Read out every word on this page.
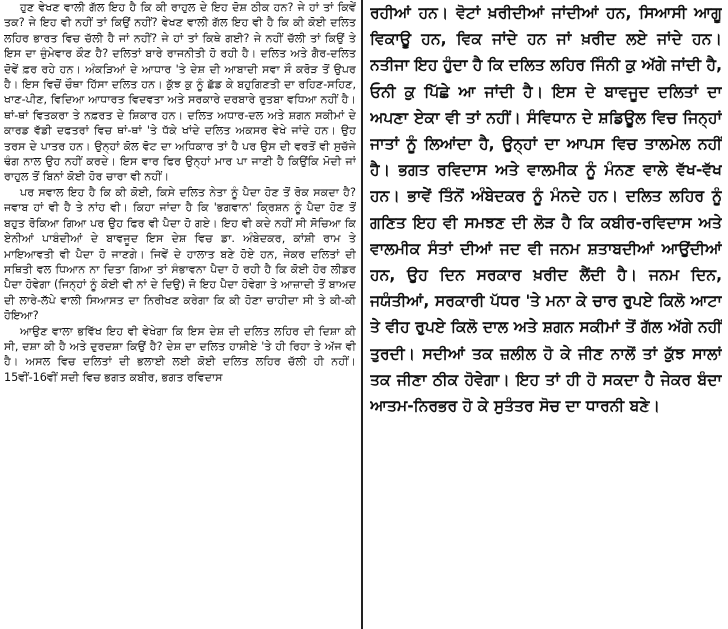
ਹੁਣ ਵੇਖਣ ਵਾਲੀ ਗੱਲ ਇਹ ਹੈ ਕਿ ਕੀ ਰਾਹੁਲ ਦੇ ਇਹ ਦੋਸ਼ ਠੀਕ ਹਨ? ਜੇ ਹਾਂ ਤਾਂ ਕਿਵੇਂ ਤਕ? ਜੇ ਇਹ ਵੀ ਨਹੀਂ ਤਾਂ ਕਿਉਂ ਨਹੀਂ? ਵੇਖਣ ਵਾਲੀ ਗੱਲ ਇਹ ਵੀ ਹੈ ਕਿ ਕੀ ਕੋਈ ਦਲਿਤ ਲਹਿਰ ਭਾਰਤ ਵਿਚ ਚੱਲੀ ਹੈ ਜਾਂ ਨਹੀਂ? ਜੇ ਹਾਂ ਤਾਂ ਕਿਥੇ ਗਈ? ਜੇ ਨਹੀਂ ਚੱਲੀ ਤਾਂ ਕਿਉਂ ਤੇ ਇਸ ਦਾ ਜ਼ੁੰਮੇਵਾਰ ਕੌਣ ਹੈ? ਦਲਿਤਾਂ ਬਾਰੇ ਰਾਜਨੀਤੀ ਹੋ ਰਹੀ ਹੈ। ਦਲਿਤ ਅਤੇ ਗੈਰ-ਦਲਿਤ ਦੋਵੇਂ ਫ਼ਰ ਰਹੇ ਹਨ। ਅੰਕੜਿਆਂ ਦੇ ਆਧਾਰ 'ਤੇ ਦੇਸ਼ ਦੀ ਆਬਾਦੀ ਸਵਾ ਸੌ ਕਰੋੜ ਤੋਂ ਉਪਰ ਹੈ। ਇਸ ਵਿਚੋਂ ਚੌਥਾ ਹਿੱਸਾ ਦਲਿਤ ਹਨ। ਕੁੱਝ ਕੁ ਨੂੰ ਛੱਡ ਕੇ ਬਹੁਗਿਣਤੀ ਦਾ ਰਹਿਣ-ਸਹਿਣ, ਖਾਣ-ਪੀਣ, ਵਿਦਿਆ ਆਧਾਰਤ ਵਿਦਵਤਾ ਅਤੇ ਸਰਕਾਰੇ ਦਰਬਾਰੇ ਰੁਤਬਾ ਵਧਿਆ ਨਹੀਂ ਹੈ। ਥਾਂ-ਥਾਂ ਵਿਤਕਰਾ ਤੇ ਨਫ਼ਰਤ ਦੇ ਸ਼ਿਕਾਰ ਹਨ। ਦਲਿਤ ਅਧਾਰ-ਦਲ ਅਤੇ ਸ਼ਗਨ ਸਕੀਮਾਂ ਦੇ ਕਾਰਡ ਵੱਡੀ ਦਫਤਰਾਂ ਵਿਚ ਥਾਂ-ਥਾਂ 'ਤੇ ਧੱਕੇ ਖਾਂਦੇ ਦਲਿਤ ਅਕਸਰ ਵੇਖੇ ਜਾਂਦੇ ਹਨ। ਉਹ ਤਰਸ ਦੇ ਪਾਤਰ ਹਨ। ਉਨ੍ਹਾਂ ਕੋਲ ਵੋਟ ਦਾ ਅਧਿਕਾਰ ਤਾਂ ਹੈ ਪਰ ਉਸ ਦੀ ਵਰਤੋਂ ਵੀ ਸੁਚੱਜੇ ਢੰਗ ਨਾਲ ਉਹ ਨਹੀਂ ਕਰਦੇ। ਇਸ ਵਾਰ ਫਿਰ ਉਨ੍ਹਾਂ ਮਾਰ ਪਾ ਜਾਣੀ ਹੈ ਕਿਉਂਕਿ ਮੋਦੀ ਜਾਂ ਰਾਹੁਲ ਤੋਂ ਬਿਨਾਂ ਕੋਈ ਹੋਰ ਚਾਰਾ ਵੀ ਨਹੀਂ।

ਪਰ ਸਵਾਲ ਇਹ ਹੈ ਕਿ ਕੀ ਕੋਈ, ਕਿਸੇ ਦਲਿਤ ਨੇਤਾ ਨੂੰ ਪੈਦਾ ਹੋਣ ਤੋਂ ਰੋਕ ਸਕਦਾ ਹੈ? ਜਵਾਬ ਹਾਂ ਵੀ ਹੈ ਤੇ ਨਾਂਹ ਵੀ। ਕਿਹਾ ਜਾਂਦਾ ਹੈ ਕਿ 'ਭਗਵਾਨ' ਕ੍ਰਿਸ਼ਨ ਨੂੰ ਪੈਦਾ ਹੋਣ ਤੋਂ ਬਹੁਤ ਰੋਕਿਆ ਗਿਆ ਪਰ ਉਹ ਫਿਰ ਵੀ ਪੈਦਾ ਹੋ ਗਏ। ਇਹ ਵੀ ਕਦੇ ਨਹੀਂ ਸੀ ਸੋਚਿਆ ਕਿ ਏਨੀਆਂ ਪਾਬੰਦੀਆਂ ਦੇ ਬਾਵਜੂਦ ਇਸ ਦੇਸ਼ ਵਿਚ ਡਾ. ਅੰਬੇਦਕਰ, ਕਾਂਸ਼ੀ ਰਾਮ ਤੇ ਮਾਇਆਵਤੀ ਵੀ ਪੈਦਾ ਹੋ ਜਾਣਗੇ। ਜਿਵੇਂ ਦੇ ਹਾਲਾਤ ਬਣੇ ਹੋਏ ਹਨ, ਜੇਕਰ ਦਲਿਤਾਂ ਦੀ ਸਥਿਤੀ ਵਲ ਧਿਆਨ ਨਾ ਦਿਤਾ ਗਿਆ ਤਾਂ ਸੰਭਾਵਨਾ ਪੈਦਾ ਹੋ ਰਹੀ ਹੈ ਕਿ ਕੋਈ ਹੋਰ ਲੀਡਰ ਪੈਦਾ ਹੋਵੇਗਾ (ਜਿਨ੍ਹਾਂ ਨੂੰ ਕੋਈ ਵੀ ਨਾਂ ਦੇ ਦਿਉ) ਜੋ ਇਹ ਪੈਦਾ ਹੋਵੇਗਾ ਤੇ ਆਜ਼ਾਦੀ ਤੋਂ ਬਾਅਦ ਦੀ ਲਾਰੇ-ਲੱਪੇ ਵਾਲੀ ਸਿਆਸਤ ਦਾ ਨਿਰੀਖਣ ਕਰੇਗਾ ਕਿ ਕੀ ਹੋਣਾ ਚਾਹੀਦਾ ਸੀ ਤੇ ਕੀ-ਕੀ ਹੋਇਆ?

ਆਉਣ ਵਾਲਾ ਭਵਿੱਖ ਇਹ ਵੀ ਵੇਖੇਗਾ ਕਿ ਇਸ ਦੇਸ਼ ਦੀ ਦਲਿਤ ਲਹਿਰ ਦੀ ਦਿਸ਼ਾ ਕੀ ਸੀ, ਦਸ਼ਾ ਕੀ ਹੈ ਅਤੇ ਦੁਰਦਸ਼ਾ ਕਿਉਂ ਹੈ? ਦੇਸ਼ ਦਾ ਦਲਿਤ ਹਾਸ਼ੀਏ 'ਤੇ ਹੀ ਰਿਹਾ ਤੇ ਅੱਜ ਵੀ ਹੈ। ਅਸਲ ਵਿਚ ਦਲਿਤਾਂ ਦੀ ਭਲਾਈ ਲਈ ਕੋਈ ਦਲਿਤ ਲਹਿਰ ਚੱਲੀ ਹੀ ਨਹੀਂ। 15ਵੀਂ-16ਵੀਂ ਸਦੀ ਵਿਚ ਭਗਤ ਕਬੀਰ, ਭਗਤ ਰਵਿਦਾਸ

ਰਹੀਆਂ ਹਨ। ਵੋਟਾਂ ਖ਼ਰੀਦੀਆਂ ਜਾਂਦੀਆਂ ਹਨ, ਸਿਆਸੀ ਆਗੂ ਵਿਕਾਊ ਹਨ, ਵਿਕ ਜਾਂਦੇ ਹਨ ਜਾਂ ਖ਼ਰੀਦ ਲਏ ਜਾਂਦੇ ਹਨ। ਨਤੀਜਾ ਇਹ ਹੁੰਦਾ ਹੈ ਕਿ ਦਲਿਤ ਲਹਿਰ ਜਿੰਨੀ ਕੁ ਅੱਗੇ ਜਾਂਦੀ ਹੈ, ਓਨੀ ਕੁ ਪਿੱਛੇ ਆ ਜਾਂਦੀ ਹੈ। ਇਸ ਦੇ ਬਾਵਜੂਦ ਦਲਿਤਾਂ ਦਾ ਅਪਣਾ ਏਕਾ ਵੀ ਤਾਂ ਨਹੀਂ। ਸੰਵਿਧਾਨ ਦੇ ਸ਼ਡਿਊਲ ਵਿਚ ਜਿਨ੍ਹਾਂ ਜਾਤਾਂ ਨੂੰ ਲਿਆਂਦਾ ਹੈ, ਉਨ੍ਹਾਂ ਦਾ ਆਪਸ ਵਿਚ ਤਾਲਮੇਲ ਨਹੀਂ ਹੈ। ਭਗਤ ਰਵਿਦਾਸ ਅਤੇ ਵਾਲਮੀਕ ਨੂੰ ਮੰਨਣ ਵਾਲੇ ਵੱਖ-ਵੱਖ ਹਨ। ਭਾਵੇਂ ਤਿੰਨੋਂ ਅੰਬੇਦਕਰ ਨੂੰ ਮੰਨਦੇ ਹਨ। ਦਲਿਤ ਲਹਿਰ ਨੂੰ ਗਣਿਤ ਇਹ ਵੀ ਸਮਝਣ ਦੀ ਲੋੜ ਹੈ ਕਿ ਕਬੀਰ-ਰਵਿਦਾਸ ਅਤੇ ਵਾਲਮੀਕ ਸੰਤਾਂ ਦੀਆਂ ਜਦ ਵੀ ਜਨਮ ਸ਼ਤਾਬਦੀਆਂ ਆਉਂਦੀਆਂ ਹਨ, ਉਹ ਦਿਨ ਸਰਕਾਰ ਖ਼ਰੀਦ ਲੈਂਦੀ ਹੈ। ਜਨਮ ਦਿਨ, ਜਯੰਤੀਆਂ, ਸਰਕਾਰੀ ਪੱਧਰ 'ਤੇ ਮਨਾ ਕੇ ਚਾਰ ਰੁਪਏ ਕਿਲੋ ਆਟਾ ਤੇ ਵੀਹ ਰੁਪਏ ਕਿਲੋ ਦਾਲ ਅਤੇ ਸ਼ਗਨ ਸਕੀਮਾਂ ਤੋਂ ਗੱਲ ਅੱਗੇ ਨਹੀਂ ਤੁਰਦੀ। ਸਦੀਆਂ ਤਕ ਜ਼ਲੀਲ ਹੋ ਕੇ ਜੀਣ ਨਾਲੋਂ ਤਾਂ ਕੁੱਝ ਸਾਲਾਂ ਤਕ ਜੀਣਾ ਠੀਕ ਹੋਵੇਗਾ। ਇਹ ਤਾਂ ਹੀ ਹੋ ਸਕਦਾ ਹੈ ਜੇਕਰ ਬੰਦਾ ਆਤਮ-ਨਿਰਭਰ ਹੋ ਕੇ ਸੁਤੰਤਰ ਸੋਚ ਦਾ ਧਾਰਨੀ ਬਣੇ।
